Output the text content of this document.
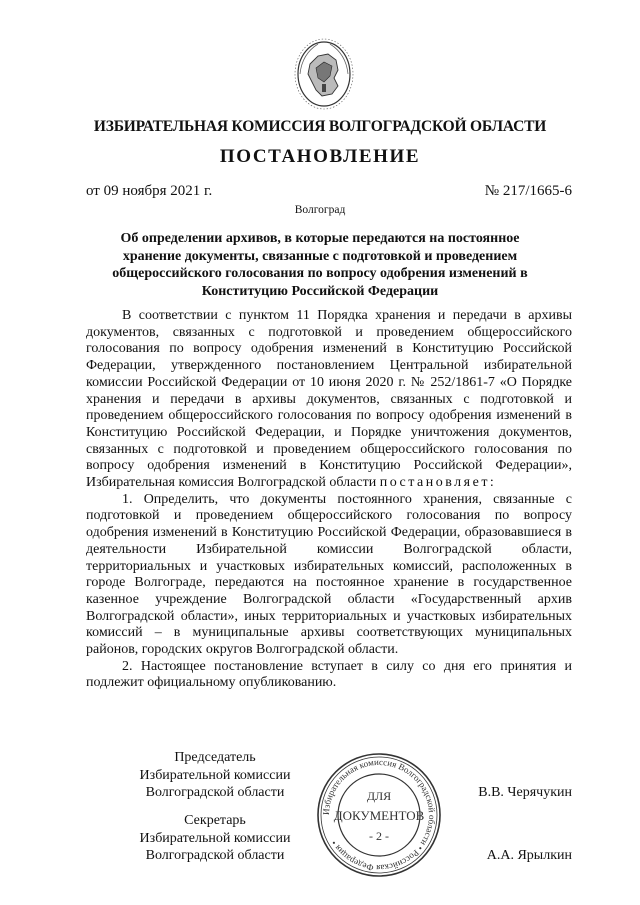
ИЗБИРАТЕЛЬНАЯ КОМИССИЯ ВОЛГОГРАДСКОЙ ОБЛАСТИ
ПОСТАНОВЛЕНИЕ
от 09 ноября 2021 г.	№ 217/1665-6
Волгоград
Об определении архивов, в которые передаются на постоянное хранение документы, связанные с подготовкой и проведением общероссийского голосования по вопросу одобрения изменений в Конституцию Российской Федерации

В соответствии с пунктом 11 Порядка хранения и передачи в архивы документов, связанных с подготовкой и проведением общероссийского голосования по вопросу одобрения изменений в Конституцию Российской Федерации, утвержденного постановлением Центральной избирательной комиссии Российской Федерации от 10 июня 2020 г. № 252/1861-7 «О Порядке хранения и передачи в архивы документов, связанных с подготовкой и проведением общероссийского голосования по вопросу одобрения изменений в Конституцию Российской Федерации, и Порядке уничтожения документов, связанных с подготовкой и проведением общероссийского голосования по вопросу одобрения изменений в Конституцию Российской Федерации», Избирательная комиссия Волгоградской области постановляет:

1. Определить, что документы постоянного хранения, связанные с подготовкой и проведением общероссийского голосования по вопросу одобрения изменений в Конституцию Российской Федерации, образовавшиеся в деятельности Избирательной комиссии Волгоградской области, территориальных и участковых избирательных комиссий, расположенных в городе Волгограде, передаются на постоянное хранение в государственное казенное учреждение Волгоградской области «Государственный архив Волгоградской области», иных территориальных и участковых избирательных комиссий – в муниципальные архивы соответствующих муниципальных районов, городских округов Волгоградской области.

2. Настоящее постановление вступает в силу со дня его принятия и подлежит официальному опубликованию.

Председатель
Избирательной комиссии
Волгоградской области	В.В. Черячукин
Секретарь
Избирательной комиссии
Волгоградской области	А.А. Ярылкин
Избирательная комиссия Волгоградской области • Российская Федерация •
ДЛЯ
ДОКУМЕНТОВ
- 2 -
